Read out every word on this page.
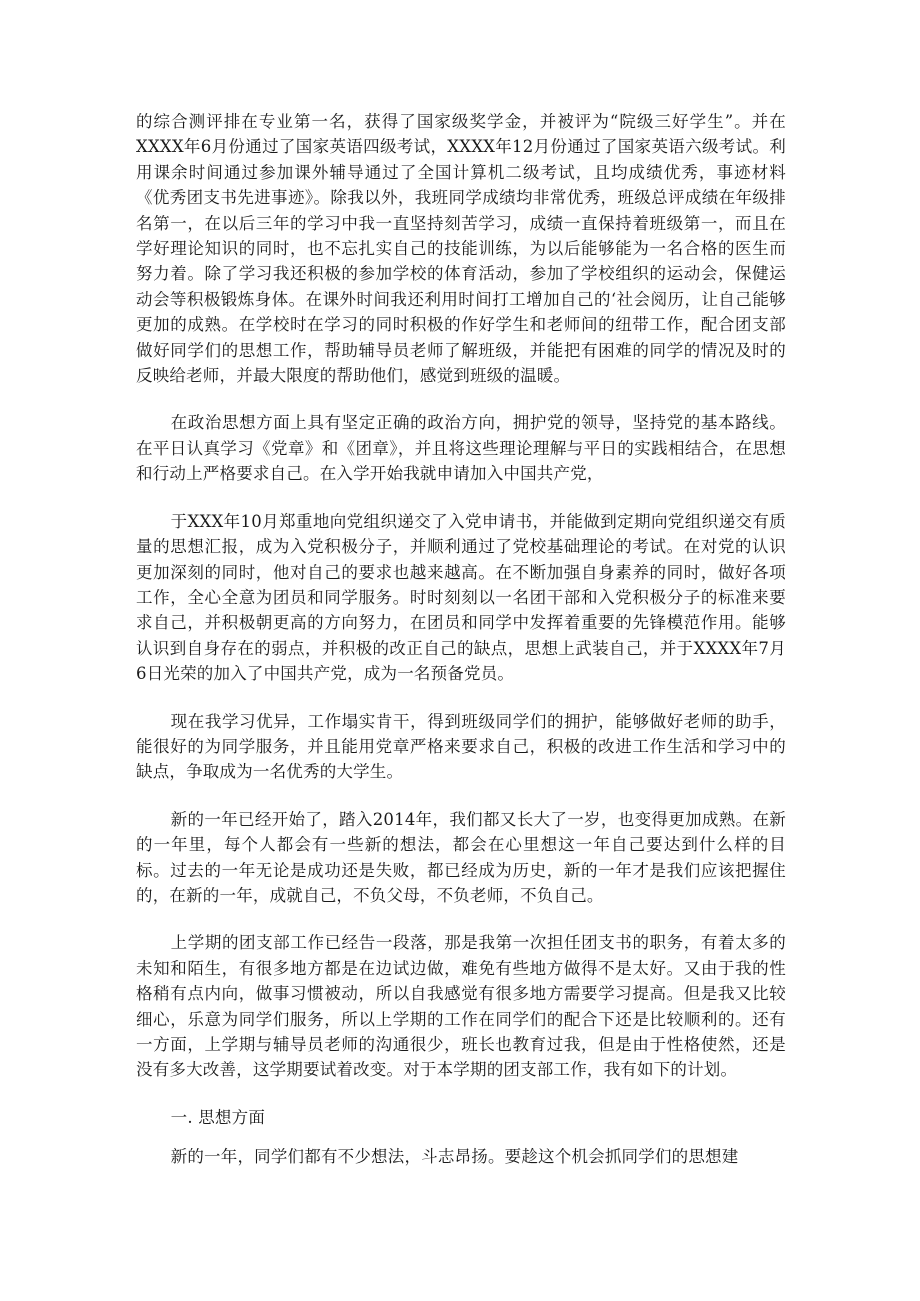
的综合测评排在专业第一名，获得了国家级奖学金，并被评为“院级三好学生”。并在XXXX年6月份通过了国家英语四级考试，XXXX年12月份通过了国家英语六级考试。利用课余时间通过参加课外辅导通过了全国计算机二级考试，且均成绩优秀，事迹材料《优秀团支书先进事迹》。除我以外，我班同学成绩均非常优秀，班级总评成绩在年级排名第一，在以后三年的学习中我一直坚持刻苦学习，成绩一直保持着班级第一，而且在学好理论知识的同时，也不忘扎实自己的技能训练，为以后能够能为一名合格的医生而努力着。除了学习我还积极的参加学校的体育活动，参加了学校组织的运动会，保健运动会等积极锻炼身体。在课外时间我还利用时间打工增加自己的‘社会阅历，让自己能够更加的成熟。在学校时在学习的同时积极的作好学生和老师间的纽带工作，配合团支部做好同学们的思想工作，帮助辅导员老师了解班级，并能把有困难的同学的情况及时的反映给老师，并最大限度的帮助他们，感觉到班级的温暖。

在政治思想方面上具有坚定正确的政治方向，拥护党的领导，坚持党的基本路线。在平日认真学习《党章》和《团章》，并且将这些理论理解与平日的实践相结合，在思想和行动上严格要求自己。在入学开始我就申请加入中国共产党，

于XXX年10月郑重地向党组织递交了入党申请书，并能做到定期向党组织递交有质量的思想汇报，成为入党积极分子，并顺利通过了党校基础理论的考试。在对党的认识更加深刻的同时，他对自己的要求也越来越高。在不断加强自身素养的同时，做好各项工作，全心全意为团员和同学服务。时时刻刻以一名团干部和入党积极分子的标准来要求自己，并积极朝更高的方向努力，在团员和同学中发挥着重要的先锋模范作用。能够认识到自身存在的弱点，并积极的改正自己的缺点，思想上武装自己，并于XXXX年7月6日光荣的加入了中国共产党，成为一名预备党员。

现在我学习优异，工作塌实肯干，得到班级同学们的拥护，能够做好老师的助手，能很好的为同学服务，并且能用党章严格来要求自己，积极的改进工作生活和学习中的缺点，争取成为一名优秀的大学生。

新的一年已经开始了，踏入2014年，我们都又长大了一岁，也变得更加成熟。在新的一年里，每个人都会有一些新的想法，都会在心里想这一年自己要达到什么样的目标。过去的一年无论是成功还是失败，都已经成为历史，新的一年才是我们应该把握住的，在新的一年，成就自己，不负父母，不负老师，不负自己。

上学期的团支部工作已经告一段落，那是我第一次担任团支书的职务，有着太多的未知和陌生，有很多地方都是在边试边做，难免有些地方做得不是太好。又由于我的性格稍有点内向，做事习惯被动，所以自我感觉有很多地方需要学习提高。但是我又比较细心，乐意为同学们服务，所以上学期的工作在同学们的配合下还是比较顺利的。还有一方面，上学期与辅导员老师的沟通很少，班长也教育过我，但是由于性格使然，还是没有多大改善，这学期要试着改变。对于本学期的团支部工作，我有如下的计划。

一. 思想方面

新的一年，同学们都有不少想法，斗志昂扬。要趁这个机会抓同学们的思想建
